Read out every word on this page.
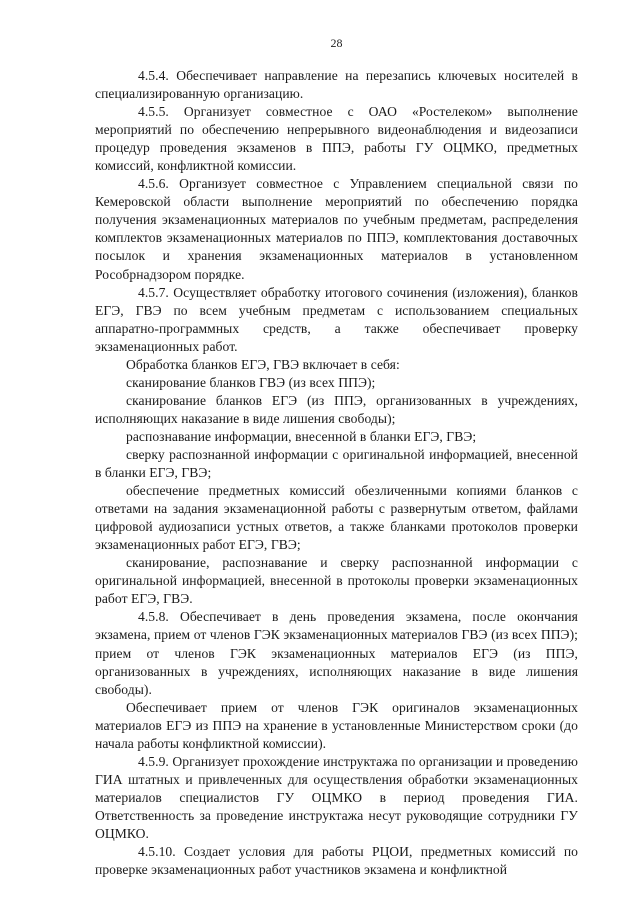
28

4.5.4. Обеспечивает направление на перезапись ключевых носителей в специализированную организацию.

4.5.5. Организует совместное с ОАО «Ростелеком» выполнение мероприятий по обеспечению непрерывного видеонаблюдения и видеозаписи процедур проведения экзаменов в ППЭ, работы ГУ ОЦМКО, предметных комиссий, конфликтной комиссии.

4.5.6. Организует совместное с Управлением специальной связи по Кемеровской области выполнение мероприятий по обеспечению порядка получения экзаменационных материалов по учебным предметам, распределения комплектов экзаменационных материалов по ППЭ, комплектования доставочных посылок и хранения экзаменационных материалов в установленном Рособрнадзором порядке.

4.5.7. Осуществляет обработку итогового сочинения (изложения), бланков ЕГЭ, ГВЭ по всем учебным предметам с использованием специальных аппаратно-программных средств, а также обеспечивает проверку экзаменационных работ.

Обработка бланков ЕГЭ, ГВЭ включает в себя:

сканирование бланков ГВЭ (из всех ППЭ);

сканирование бланков ЕГЭ (из ППЭ, организованных в учреждениях, исполняющих наказание в виде лишения свободы);

распознавание информации, внесенной в бланки ЕГЭ, ГВЭ;

сверку распознанной информации с оригинальной информацией, внесенной в бланки ЕГЭ, ГВЭ;

обеспечение предметных комиссий обезличенными копиями бланков с ответами на задания экзаменационной работы с развернутым ответом, файлами цифровой аудиозаписи устных ответов, а также бланками протоколов проверки экзаменационных работ ЕГЭ, ГВЭ;

сканирование, распознавание и сверку распознанной информации с оригинальной информацией, внесенной в протоколы проверки экзаменационных работ ЕГЭ, ГВЭ.

4.5.8. Обеспечивает в день проведения экзамена, после окончания экзамена, прием от членов ГЭК экзаменационных материалов ГВЭ (из всех ППЭ); прием от членов ГЭК экзаменационных материалов ЕГЭ (из ППЭ, организованных в учреждениях, исполняющих наказание в виде лишения свободы).

Обеспечивает прием от членов ГЭК оригиналов экзаменационных материалов ЕГЭ из ППЭ на хранение в установленные Министерством сроки (до начала работы конфликтной комиссии).

4.5.9. Организует прохождение инструктажа по организации и проведению ГИА штатных и привлеченных для осуществления обработки экзаменационных материалов специалистов ГУ ОЦМКО в период проведения ГИА. Ответственность за проведение инструктажа несут руководящие сотрудники ГУ ОЦМКО.

4.5.10. Создает условия для работы РЦОИ, предметных комиссий по проверке экзаменационных работ участников экзамена и конфликтной
